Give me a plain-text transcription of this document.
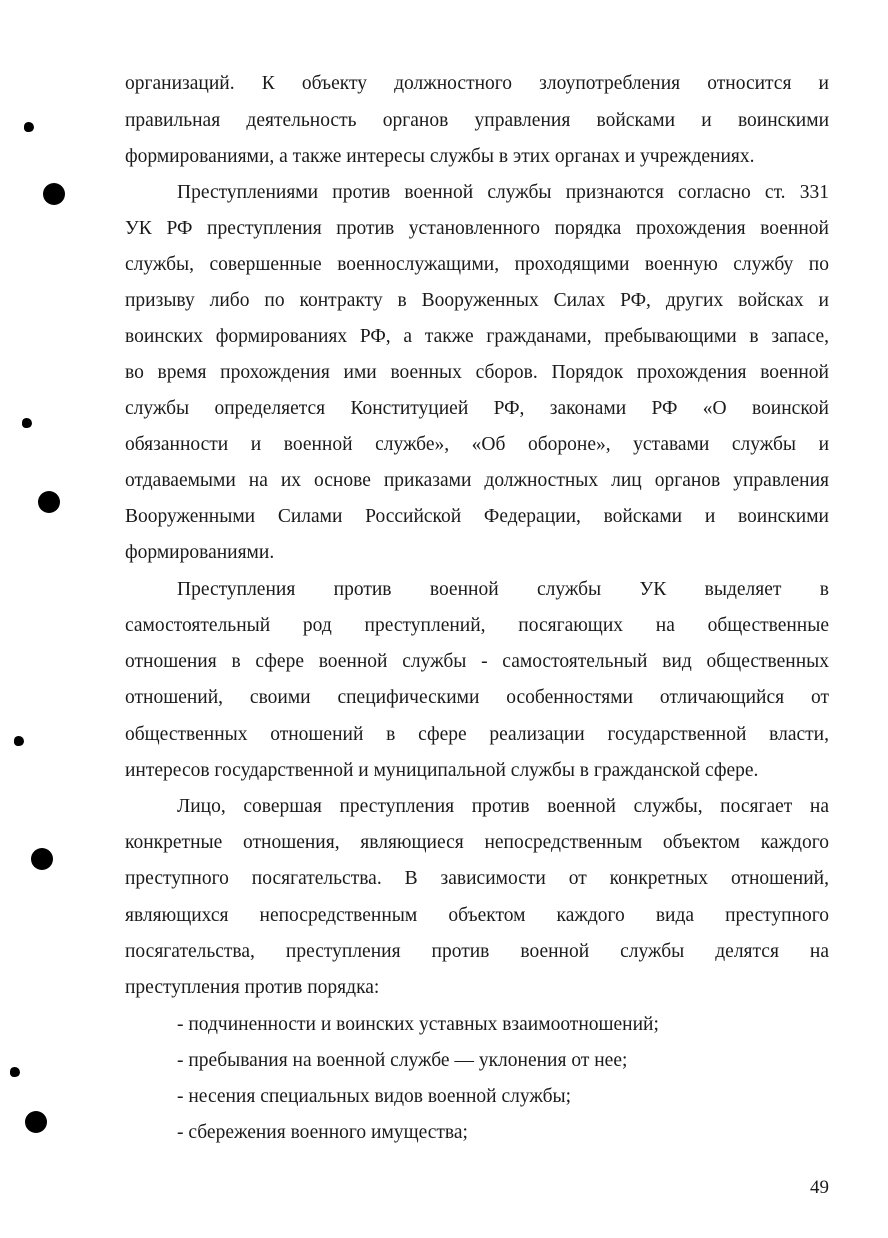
организаций. К объекту должностного злоупотребления относится и
правильная деятельность органов управления войсками и воинскими
формированиями, а также интересы службы в этих органах и учреждениях.
Преступлениями против военной службы признаются согласно ст. 331
УК РФ преступления против установленного порядка прохождения военной
службы, совершенные военнослужащими, проходящими военную службу по
призыву либо по контракту в Вооруженных Силах РФ, других войсках и
воинских формированиях РФ, а также гражданами, пребывающими в запасе,
во время прохождения ими военных сборов. Порядок прохождения военной
службы определяется Конституцией РФ, законами РФ «О воинской
обязанности и военной службе», «Об обороне», уставами службы и
отдаваемыми на их основе приказами должностных лиц органов управления
Вооруженными Силами Российской Федерации, войсками и воинскими
формированиями.
Преступления против военной службы УК выделяет в
самостоятельный род преступлений, посягающих на общественные
отношения в сфере военной службы - самостоятельный вид общественных
отношений, своими специфическими особенностями отличающийся от
общественных отношений в сфере реализации государственной власти,
интересов государственной и муниципальной службы в гражданской сфере.
Лицо, совершая преступления против военной службы, посягает на
конкретные отношения, являющиеся непосредственным объектом каждого
преступного посягательства. В зависимости от конкретных отношений,
являющихся непосредственным объектом каждого вида преступного
посягательства, преступления против военной службы делятся на
преступления против порядка:
- подчиненности и воинских уставных взаимоотношений;
- пребывания на военной службе — уклонения от нее;
- несения специальных видов военной службы;
- сбережения военного имущества;
49
